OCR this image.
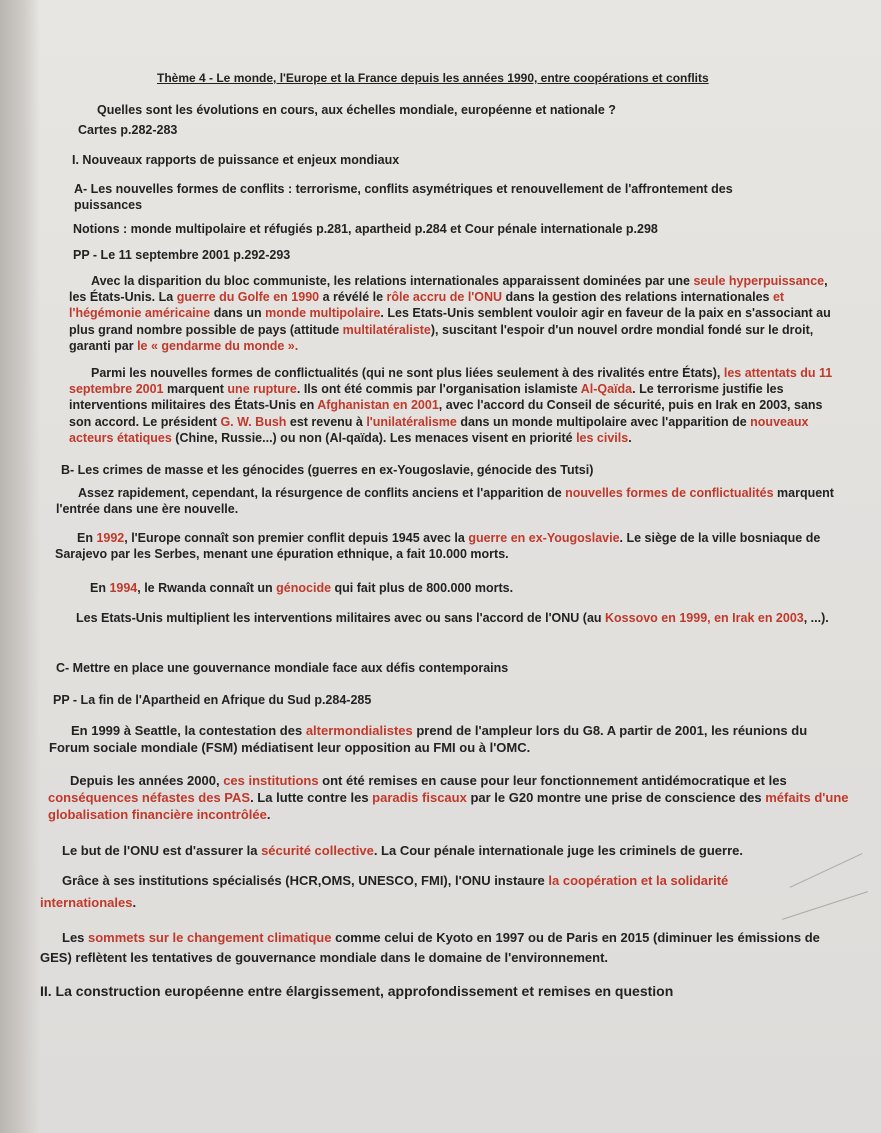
Thème 4 - Le monde, l'Europe et la France depuis les années 1990, entre coopérations et conflits

Quelles sont les évolutions en cours, aux échelles mondiale, européenne et nationale ?

Cartes p.282-283

I. Nouveaux rapports de puissance et enjeux mondiaux

A- Les nouvelles formes de conflits : terrorisme, conflits asymétriques et renouvellement de l'affrontement des puissances

Notions : monde multipolaire et réfugiés p.281, apartheid p.284 et Cour pénale internationale p.298

PP - Le 11 septembre 2001 p.292-293

Avec la disparition du bloc communiste, les relations internationales apparaissent dominées par une seule hyperpuissance, les États-Unis. La guerre du Golfe en 1990 a révélé le rôle accru de l'ONU dans la gestion des relations internationales et l'hégémonie américaine dans un monde multipolaire. Les Etats-Unis semblent vouloir agir en faveur de la paix en s'associant au plus grand nombre possible de pays (attitude multilatéraliste), suscitant l'espoir d'un nouvel ordre mondial fondé sur le droit, garanti par le « gendarme du monde ».

Parmi les nouvelles formes de conflictualités (qui ne sont plus liées seulement à des rivalités entre États), les attentats du 11 septembre 2001 marquent une rupture. Ils ont été commis par l'organisation islamiste Al-Qaïda. Le terrorisme justifie les interventions militaires des États-Unis en Afghanistan en 2001, avec l'accord du Conseil de sécurité, puis en Irak en 2003, sans son accord. Le président G. W. Bush est revenu à l'unilatéralisme dans un monde multipolaire avec l'apparition de nouveaux acteurs étatiques (Chine, Russie...) ou non (Al-qaïda). Les menaces visent en priorité les civils.

B- Les crimes de masse et les génocides (guerres en ex-Yougoslavie, génocide des Tutsi)

Assez rapidement, cependant, la résurgence de conflits anciens et l'apparition de nouvelles formes de conflictualités marquent l'entrée dans une ère nouvelle.

En 1992, l'Europe connaît son premier conflit depuis 1945 avec la guerre en ex-Yougoslavie. Le siège de la ville bosniaque de Sarajevo par les Serbes, menant une épuration ethnique, a fait 10.000 morts.

En 1994, le Rwanda connaît un génocide qui fait plus de 800.000 morts.

Les Etats-Unis multiplient les interventions militaires avec ou sans l'accord de l'ONU (au Kossovo en 1999, en Irak en 2003, ...).

C- Mettre en place une gouvernance mondiale face aux défis contemporains

PP - La fin de l'Apartheid en Afrique du Sud p.284-285

En 1999 à Seattle, la contestation des altermondialistes prend de l'ampleur lors du G8. A partir de 2001, les réunions du Forum sociale mondiale (FSM) médiatisent leur opposition au FMI ou à l'OMC.

Depuis les années 2000, ces institutions ont été remises en cause pour leur fonctionnement antidémocratique et les conséquences néfastes des PAS. La lutte contre les paradis fiscaux par le G20 montre une prise de conscience des méfaits d'une globalisation financière incontrôlée.

Le but de l'ONU est d'assurer la sécurité collective. La Cour pénale internationale juge les criminels de guerre.

Grâce à ses institutions spécialisés (HCR,OMS, UNESCO, FMI), l'ONU instaure la coopération et la solidarité internationales.

Les sommets sur le changement climatique comme celui de Kyoto en 1997 ou de Paris en 2015 (diminuer les émissions de GES) reflètent les tentatives de gouvernance mondiale dans le domaine de l'environnement.

II. La construction européenne entre élargissement, approfondissement et remises en question
